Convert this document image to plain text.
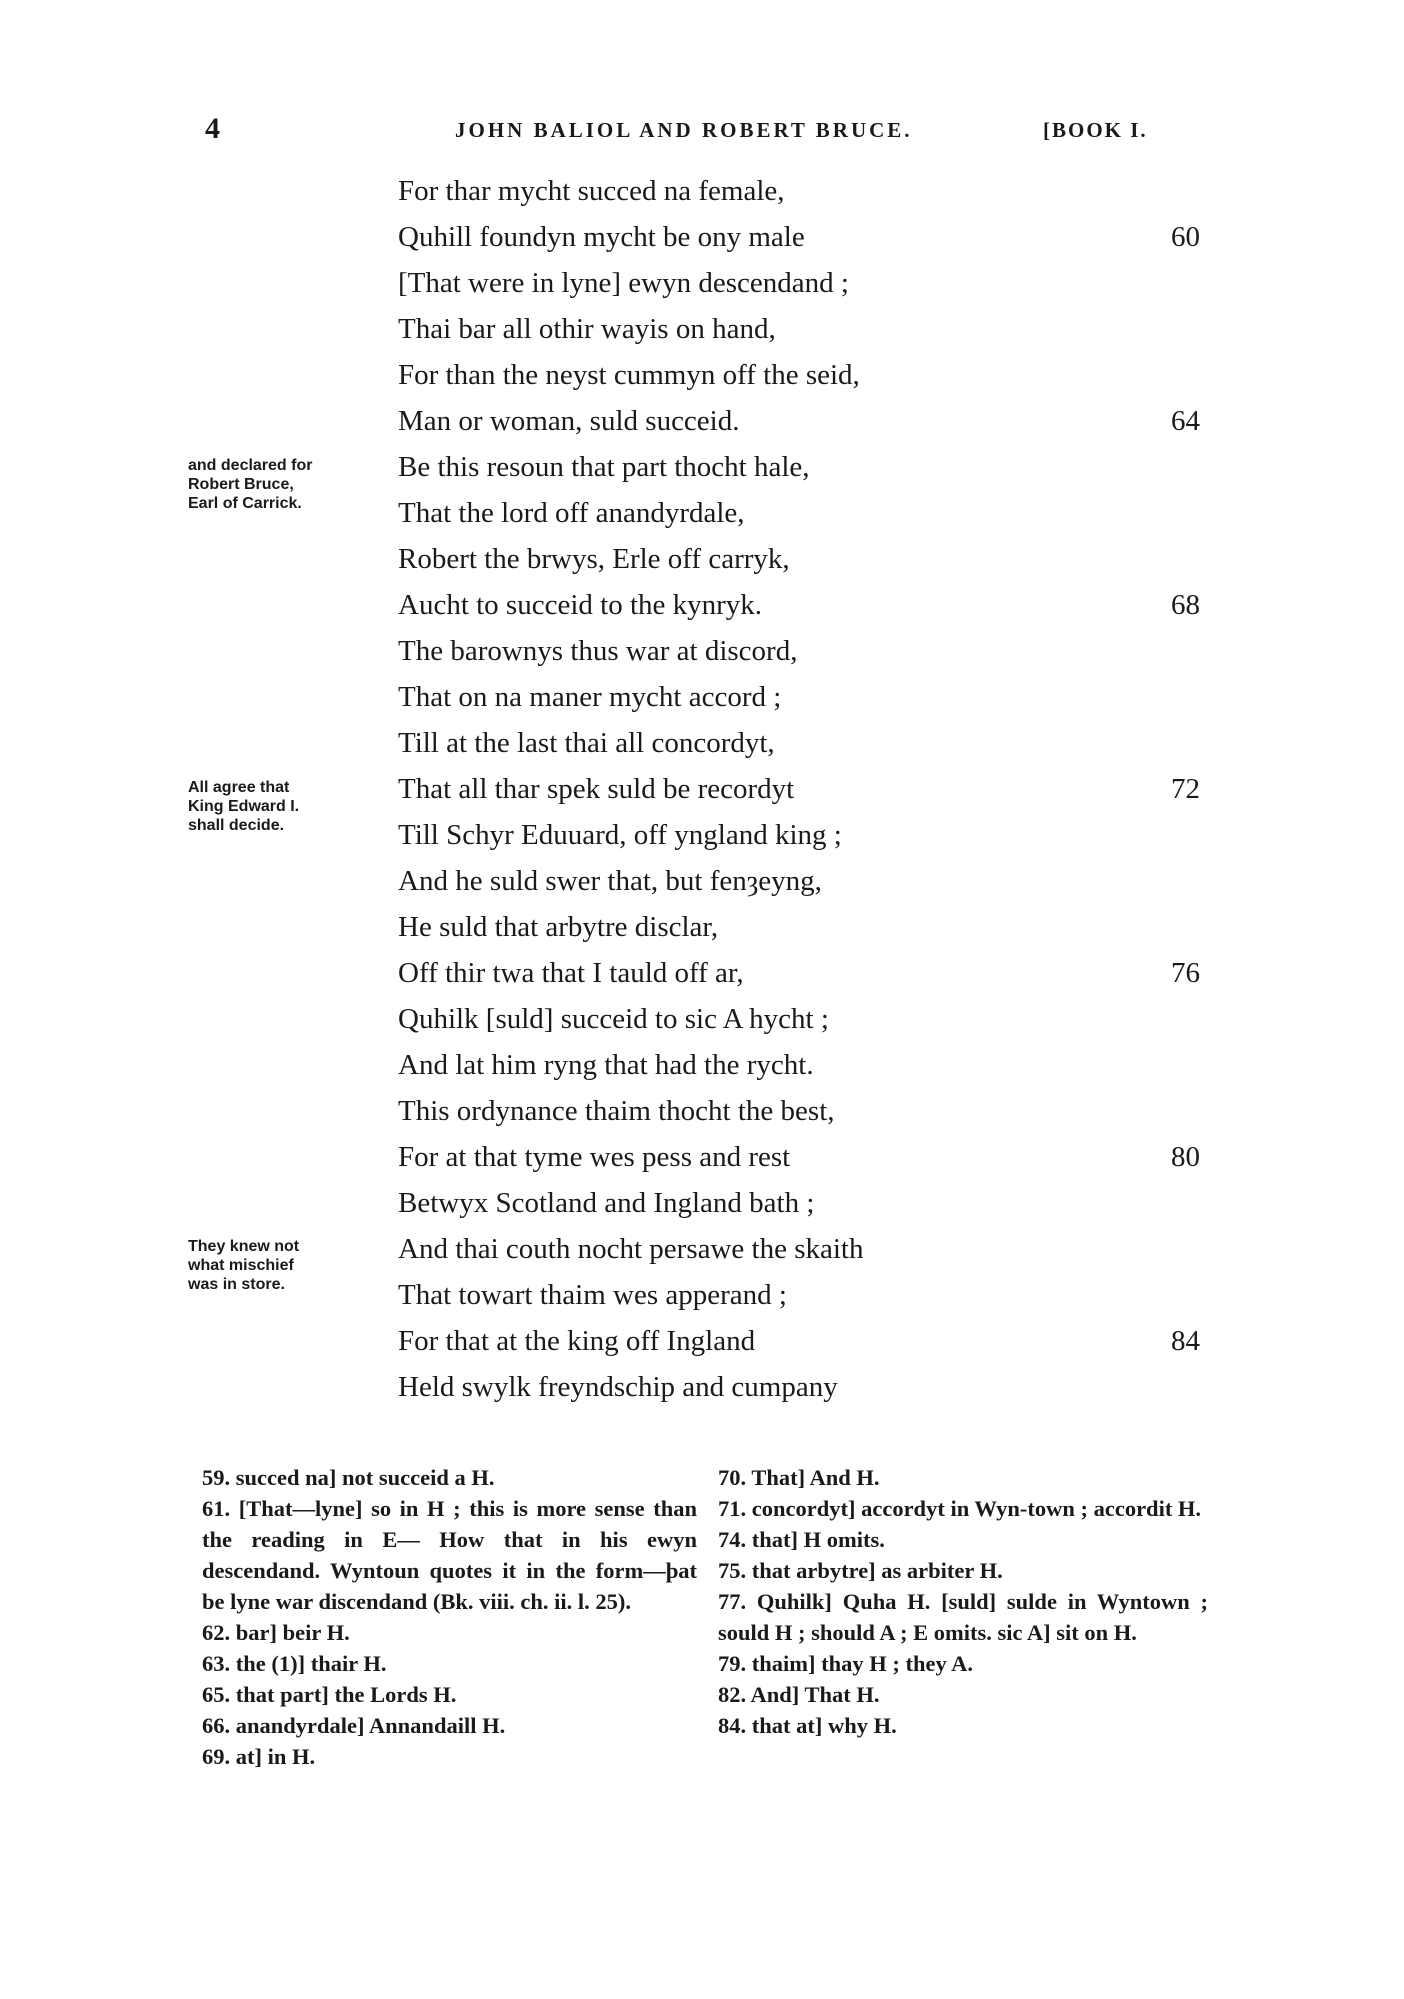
4	JOHN BALIOL AND ROBERT BRUCE.	[BOOK I.
For thar mycht succed na female,
Quhill foundyn mycht be ony male	60
[That were in lyne] ewyn descendand ;
Thai bar all othir wayis on hand,
For than the neyst cummyn off the seid,
Man or woman, suld succeid.	64
Be this resoun that part thocht hale,
That the lord off anandyrdale,
Robert the brwys, Erle off carryk,
Aucht to succeid to the kynryk.	68
The barownys thus war at discord,
That on na maner mycht accord ;
Till at the last thai all concordyt,
That all thar spek suld be recordyt	72
Till Schyr Eduuard, off yngland king ;
And he suld swer that, but fenȝeyng,
He suld that arbytre disclar,
Off thir twa that I tauld off ar,	76
Quhilk [suld] succeid to sic A hycht ;
And lat him ryng that had the rycht.
This ordynance thaim thocht the best,
For at that tyme wes pess and rest	80
Betwyx Scotland and Ingland bath ;
And thai couth nocht persawe the skaith
That towart thaim wes apperand ;
For that at the king off Ingland	84
Held swylk freyndschip and cumpany
and declared for
Robert Bruce,
Earl of Carrick.
All agree that
King Edward I.
shall decide.
They knew not
what mischief
was in store.

59. succed na] not succeid a H.

61. [That—lyne] so in H ; this is more sense than the reading in E— How that in his ewyn descendand. Wyntoun quotes it in the form—þat be lyne war discendand (Bk. viii. ch. ii. l. 25).

62. bar] beir H.

63. the (1)] thair H.

65. that part] the Lords H.

66. anandyrdale] Annandaill H.

69. at] in H.

70. That] And H.

71. concordyt] accordyt in Wyn-town ; accordit H.

74. that] H omits.

75. that arbytre] as arbiter H.

77. Quhilk] Quha H. [suld] sulde in Wyntown ; sould H ; should A ; E omits. sic A] sit on H.

79. thaim] thay H ; they A.

82. And] That H.

84. that at] why H.
